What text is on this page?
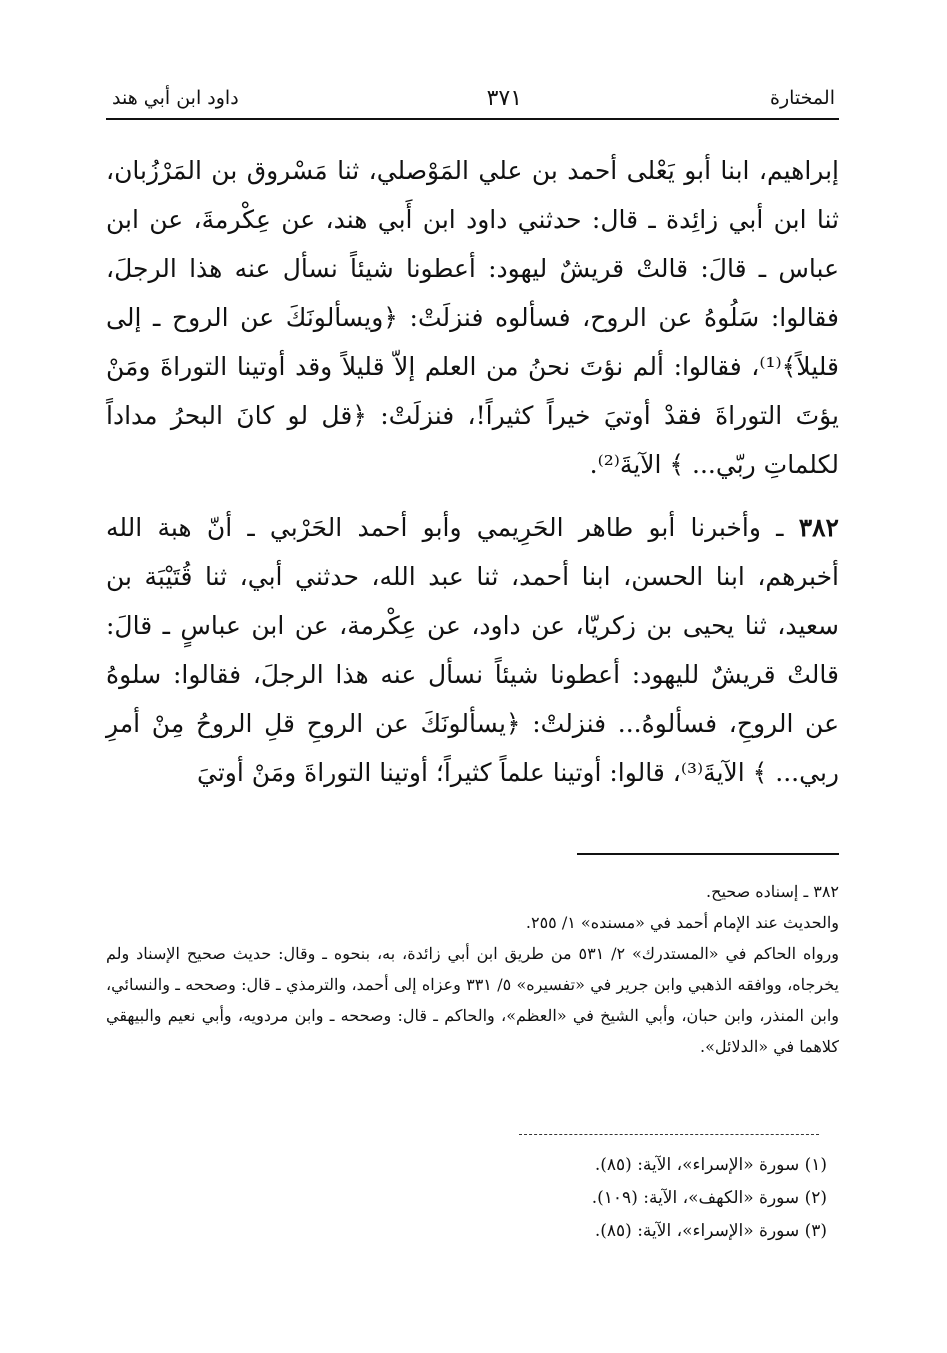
المختارة
٣٧١
داود ابن أبي هند

إبراهيم، ابنا أبو يَعْلى أحمد بن علي المَوْصلي، ثنا مَسْروق بن المَرْزُبان، ثنا ابن أبي زائِدة ـ قال: حدثني داود ابن أَبي هند، عن عِكْرمةَ، عن ابن عباس ـ قالَ: قالتْ قريشٌ ليهود: أعطونا شيئاً نسأل عنه هذا الرجلَ، فقالوا: سَلُوهُ عن الروح، فسألوه فنزلَتْ: ﴿ويسألونَكَ عن الروح ـ إلى قليلاً﴾⁽¹⁾، فقالوا: ألم نؤتَ نحنُ من العلم إلاّ قليلاً وقد أوتينا التوراةَ ومَنْ يؤتَ التوراةَ فقدْ أوتيَ خيراً كثيراً!، فنزلَتْ: ﴿قل لو كانَ البحرُ مداداً لكلماتِ ربّي... ﴾ الآيةَ⁽²⁾.

٣٨٢ ـ وأخبرنا أبو طاهر الحَرِيمي وأبو أحمد الحَرْبي ـ أنّ هبة الله أخبرهم، ابنا الحسن، ابنا أحمد، ثنا عبد الله، حدثني أبي، ثنا قُتَيْبَة بن سعيد، ثنا يحيى بن زكريّا، عن داود، عن عِكْرمة، عن ابن عباسٍ ـ قالَ: قالتْ قريشٌ لليهود: أعطونا شيئاً نسأل عنه هذا الرجلَ، فقالوا: سلوهُ عن الروحِ، فسألوهُ... فنزلتْ: ﴿يسألونَكَ عن الروحِ قلِ الروحُ مِنْ أمرِ ربي... ﴾ الآيةَ⁽³⁾، قالوا: أوتينا علماً كثيراً؛ أوتينا التوراةَ ومَنْ أوتيَ

٣٨٢ ـ إسناده صحيح.

والحديث عند الإمام أحمد في «مسنده» ١/ ٢٥٥.

ورواه الحاكم في «المستدرك» ٢/ ٥٣١ من طريق ابن أبي زائدة، به، بنحوه ـ وقال: حديث صحيح الإسناد ولم يخرجاه، ووافقه الذهبي وابن جرير في «تفسيره» ٥/ ٣٣١ وعزاه إلى أحمد، والترمذي ـ قال: وصححه ـ والنسائي، وابن المنذر، وابن حبان، وأبي الشيخ في «العظم»، والحاكم ـ قال: وصححه ـ وابن مردويه، وأبي نعيم والبيهقي كلاهما في «الدلائل».

(١) سورة «الإسراء»، الآية: (٨٥).
(٢) سورة «الكهف»، الآية: (١٠٩).
(٣) سورة «الإسراء»، الآية: (٨٥).
